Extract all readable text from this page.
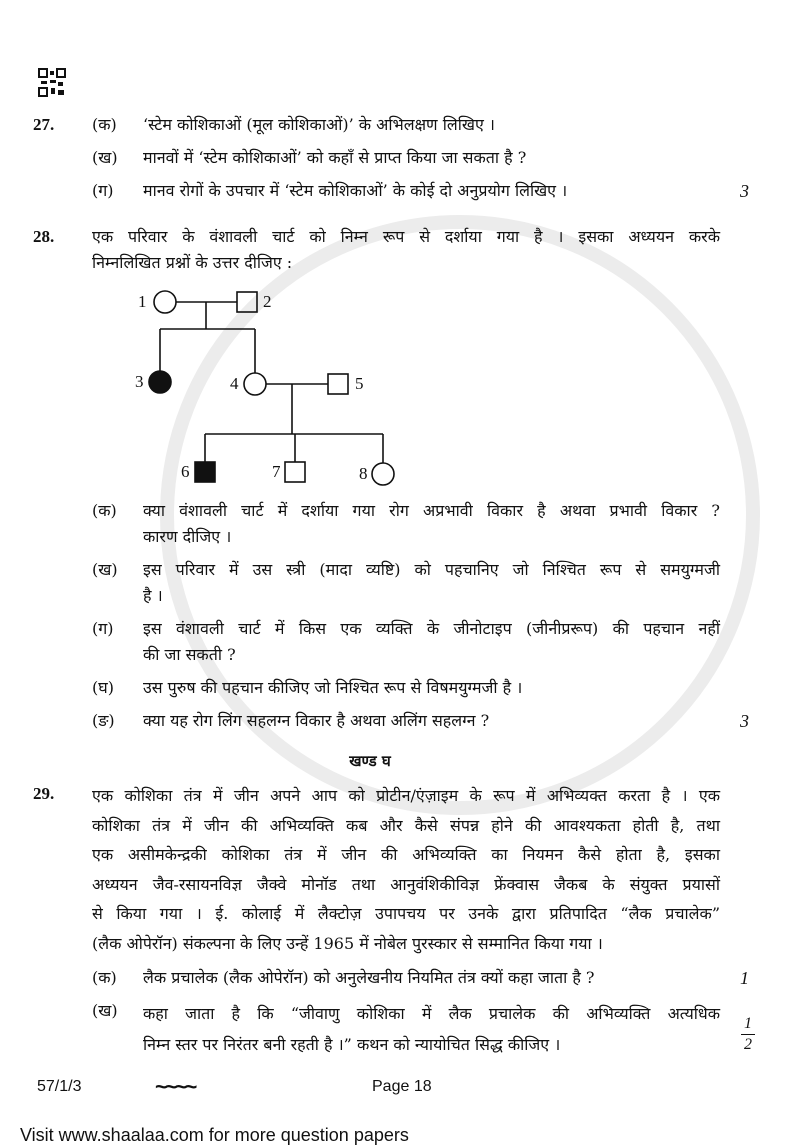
27.	(क)	‘स्टेम कोशिकाओं (मूल कोशिकाओं)’ के अभिलक्षण लिखिए ।
(ख)	मानवों में ‘स्टेम कोशिकाओं’ को कहाँ से प्राप्त किया जा सकता है ?
(ग)	मानव रोगों के उपचार में ‘स्टेम कोशिकाओं’ के कोई दो अनुप्रयोग लिखिए ।	3
28.	एक परिवार के वंशावली चार्ट को निम्न रूप से दर्शाया गया है । इसका अध्ययन करके
निम्नलिखित प्रश्नों के उत्तर दीजिए :
1	2
3	4	5
6	7	8
(क)	क्या वंशावली चार्ट में दर्शाया गया रोग अप्रभावी विकार है अथवा प्रभावी विकार ?
कारण दीजिए ।
(ख)	इस परिवार में उस स्त्री (मादा व्यष्टि) को पहचानिए जो निश्चित रूप से समयुग्मजी
है ।
(ग)	इस वंशावली चार्ट में किस एक व्यक्ति के जीनोटाइप (जीनीप्ररूप) की पहचान नहीं
की जा सकती ?
(घ)	उस पुरुष की पहचान कीजिए जो निश्चित रूप से विषमयुग्मजी है ।
(ङ)	क्या यह रोग लिंग सहलग्न विकार है अथवा अलिंग सहलग्न ?	3
खण्ड घ
29.	एक कोशिका तंत्र में जीन अपने आप को प्रोटीन/एंज़ाइम के रूप में अभिव्यक्त करता है । एक
कोशिका तंत्र में जीन की अभिव्यक्ति कब और कैसे संपन्न होने की आवश्यकता होती है, तथा
एक असीमकेन्द्रकी कोशिका तंत्र में जीन की अभिव्यक्ति का नियमन कैसे होता है, इसका
अध्ययन जैव-रसायनविज्ञ जैक्वे मोनॉड तथा आनुवंशिकीविज्ञ फ्रेंक्वास जैकब के संयुक्त प्रयासों
से किया गया । ई. कोलाई में लैक्टोज़ उपापचय पर उनके द्वारा प्रतिपादित “लैक प्रचालेक”
(लैक ओपेरॉन) संकल्पना के लिए उन्हें 1965 में नोबेल पुरस्कार से सम्मानित किया गया ।
(क)	लैक प्रचालेक (लैक ओपेरॉन) को अनुलेखनीय नियमित तंत्र क्यों कहा जाता है ?	1
(ख)	कहा जाता है कि “जीवाणु कोशिका में लैक प्रचालेक की अभिव्यक्ति अत्यधिक
निम्न स्तर पर निरंतर बनी रहती है ।” कथन को न्यायोचित सिद्ध कीजिए ।
1
2
57/1/3	~~~~	Page 18
Visit www.shaalaa.com for more question papers
